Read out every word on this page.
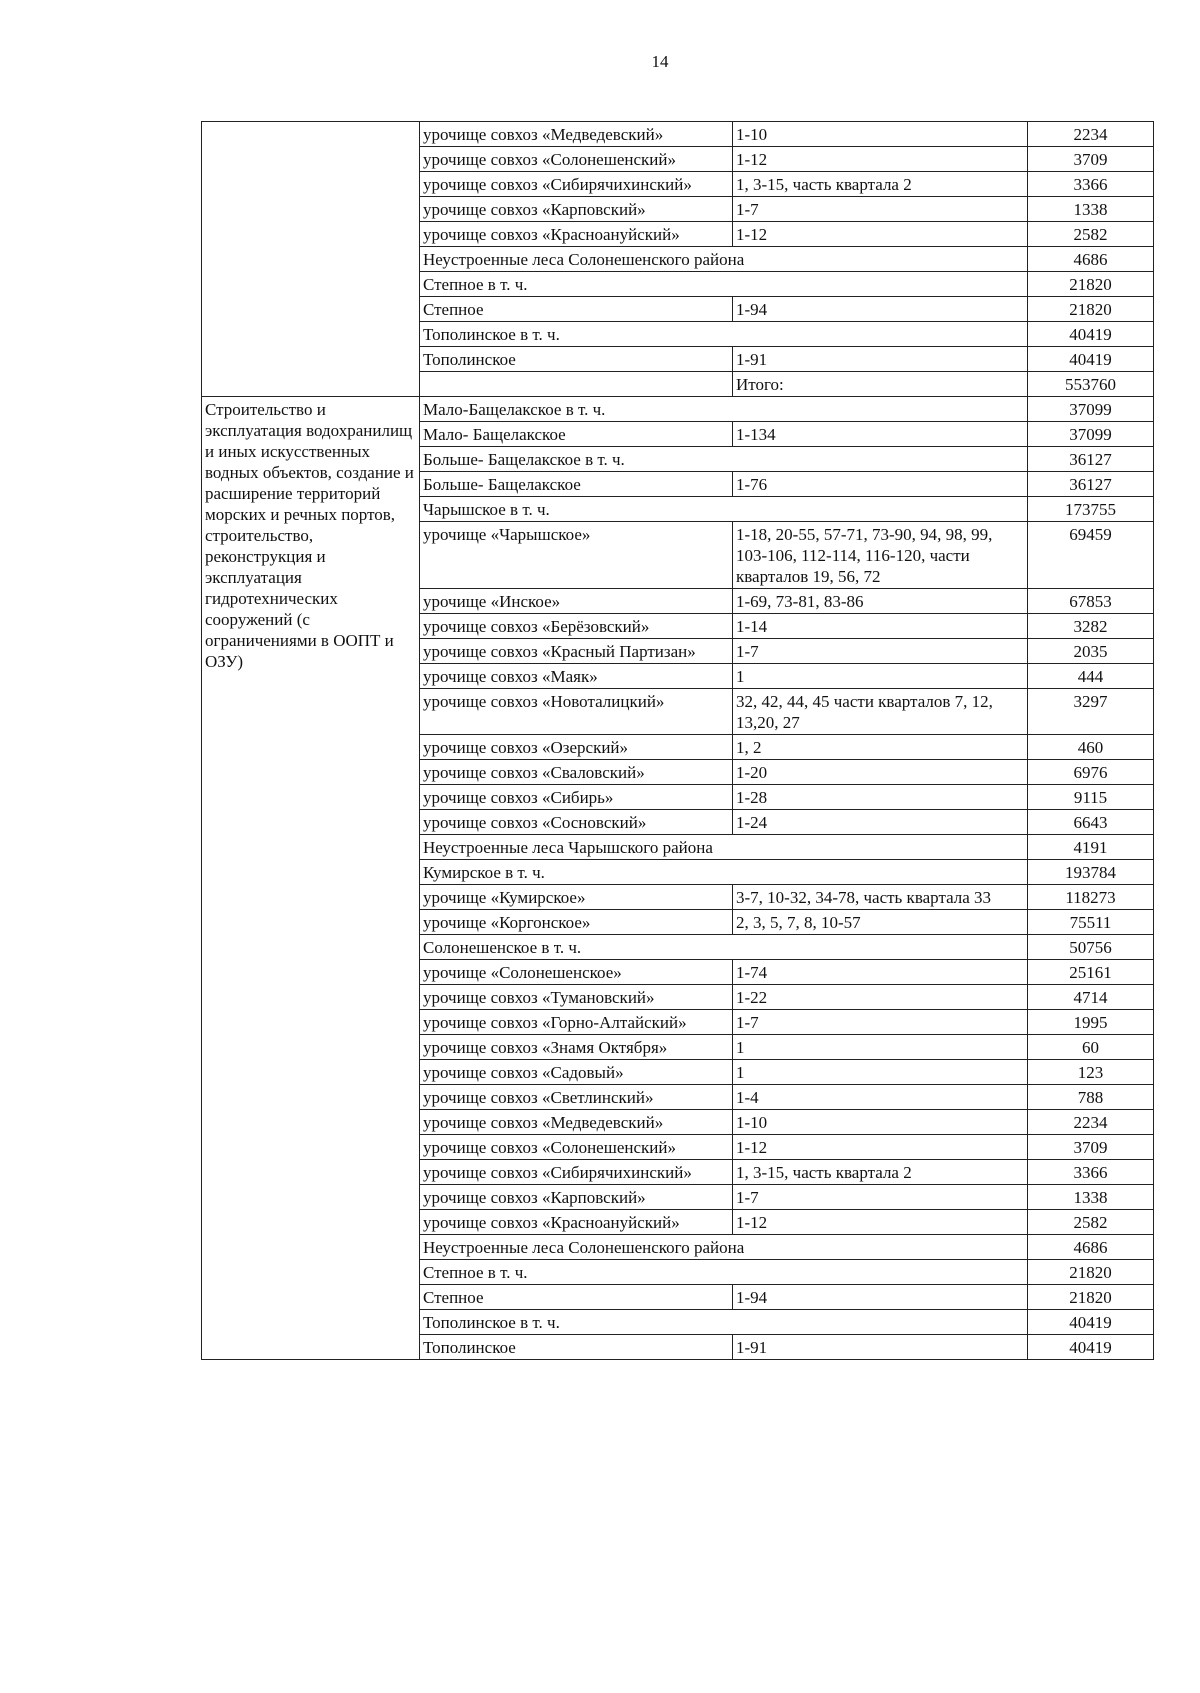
14
	урочище совхоз «Медведевский»	1-10	2234
	урочище совхоз «Солонешенский»	1-12	3709
	урочище совхоз «Сибирячихинский»	1, 3-15, часть квартала 2	3366
	урочище совхоз «Карповский»	1-7	1338
	урочище совхоз «Красноануйский»	1-12	2582
	Неустроенные леса Солонешенского района		4686
	Степное в т. ч.		21820
	Степное	1-94	21820
	Тополинское в т. ч.		40419
	Тополинское	1-91	40419
		Итого:	553760
Строительство и эксплуатация водохранилищ и иных искусственных водных объектов, создание и расширение территорий морских и речных портов, строительство, реконструкция и эксплуатация гидротехнических сооружений (с ограничениями в ООПТ и ОЗУ)	Мало-Бащелакское в т. ч.		37099
	Мало- Бащелакское	1-134	37099
	Больше- Бащелакское в т. ч.		36127
	Больше- Бащелакское	1-76	36127
	Чарышское в т. ч.		173755
	урочище «Чарышское»	1-18, 20-55, 57-71, 73-90, 94, 98, 99, 103-106, 112-114, 116-120, части кварталов 19, 56, 72	69459
	урочище «Инское»	1-69, 73-81, 83-86	67853
	урочище совхоз «Берёзовский»	1-14	3282
	урочище совхоз «Красный Партизан»	1-7	2035
	урочище совхоз «Маяк»	1	444
	урочище совхоз «Новоталицкий»	32, 42, 44, 45 части кварталов 7, 12, 13,20, 27	3297
	урочище совхоз «Озерский»	1, 2	460
	урочище совхоз «Сваловский»	1-20	6976
	урочище совхоз «Сибирь»	1-28	9115
	урочище совхоз «Сосновский»	1-24	6643
	Неустроенные леса Чарышского района		4191
	Кумирское в т. ч.		193784
	урочище «Кумирское»	3-7, 10-32, 34-78, часть квартала 33	118273
	урочище «Коргонское»	2, 3, 5, 7, 8, 10-57	75511
	Солонешенское в т. ч.		50756
	урочище «Солонешенское»	1-74	25161
	урочище совхоз «Тумановский»	1-22	4714
	урочище совхоз «Горно-Алтайский»	1-7	1995
	урочище совхоз «Знамя Октября»	1	60
	урочище совхоз «Садовый»	1	123
	урочище совхоз «Светлинский»	1-4	788
	урочище совхоз «Медведевский»	1-10	2234
	урочище совхоз «Солонешенский»	1-12	3709
	урочище совхоз «Сибирячихинский»	1, 3-15, часть квартала 2	3366
	урочище совхоз «Карповский»	1-7	1338
	урочище совхоз «Красноануйский»	1-12	2582
	Неустроенные леса Солонешенского района		4686
	Степное в т. ч.		21820
	Степное	1-94	21820
	Тополинское в т. ч.		40419
	Тополинское	1-91	40419
